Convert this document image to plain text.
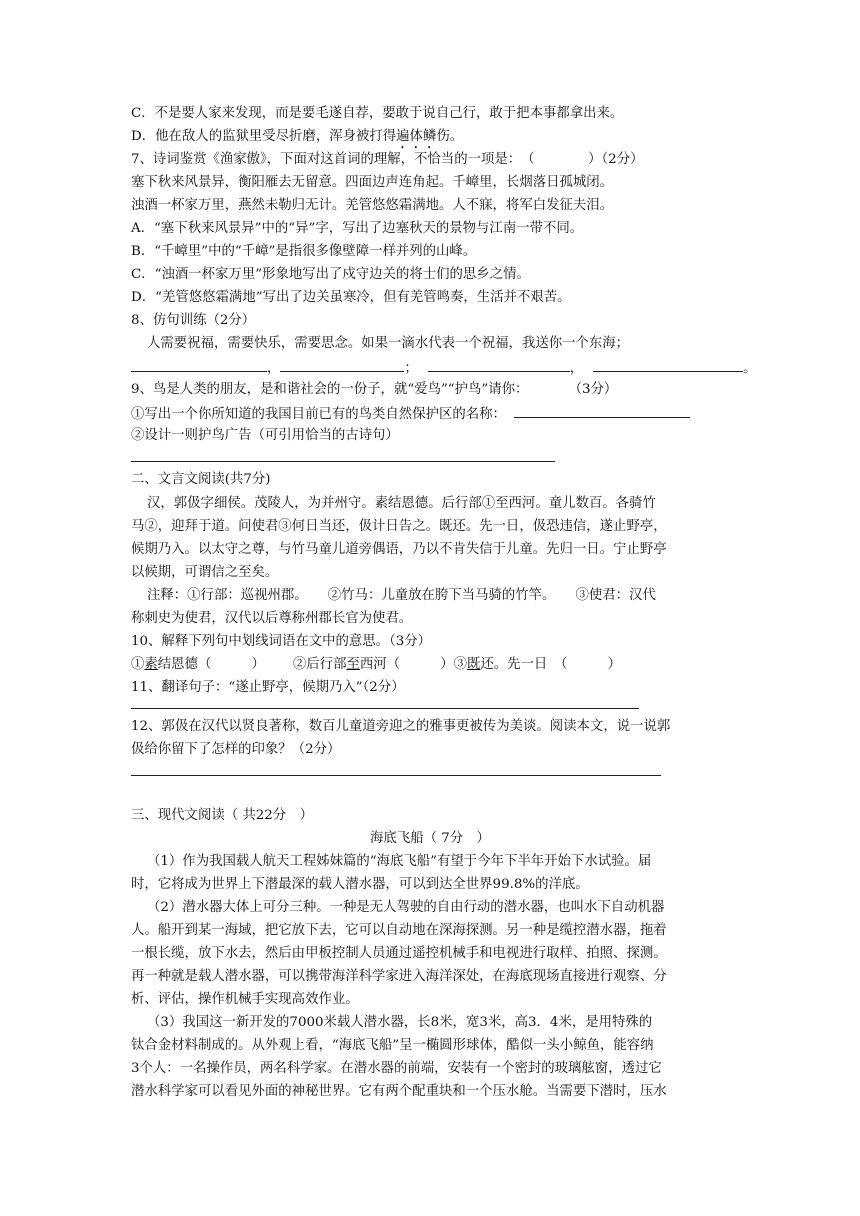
C．不是要人家来发现，而是要毛遂自荐，要敢于说自己行，敢于把本事都拿出来。

D．他在敌人的监狱里受尽折磨，浑身被打得遍体鳞伤。

7、诗词鉴赏《渔家傲》，下面对这首词的理解，不恰当的一项是：　（　　　　）（2分）

塞下秋来风景异，衡阳雁去无留意。四面边声连角起。千嶂里，长烟落日孤城闭。

浊酒一杯家万里，燕然未勒归无计。羌管悠悠霜满地。人不寐，将军白发征夫泪。

A．“塞下秋来风景异”中的“异”字，写出了边塞秋天的景物与江南一带不同。

B．“千嶂里”中的“千嶂”是指很多像壁障一样并列的山峰。

C．“浊酒一杯家万里”形象地写出了戍守边关的将士们的思乡之情。

D．“羌管悠悠霜满地”写出了边关虽寒冷，但有羌管鸣奏，生活并不艰苦。

8、仿句训练（2分）

人需要祝福，需要快乐，需要思念。如果一滴水代表一个祝福，我送你一个东海；

，	；	，	。

9、鸟是人类的朋友，是和谐社会的一份子，就“爱鸟”“护鸟”请你：　　　　（3分）

①写出一个你所知道的我国目前已有的鸟类自然保护区的名称：

②设计一则护鸟广告（可引用恰当的古诗句）

二、文言文阅读(共7分)

汉，郭伋字细侯。茂陵人，为并州守。素结恩德。后行部①至西河。童儿数百。各骑竹

马②，迎拜于道。问使君③何日当还，伋计日告之。既还。先一日，伋恐违信，遂止野亭，

候期乃入。以太守之尊，与竹马童儿道旁偶语，乃以不肯失信于儿童。先归一日。宁止野亭

以候期，可谓信之至矣。

注释：①行部：巡视州郡。　　②竹马：儿童放在胯下当马骑的竹竿。　　③使君：汉代

称刺史为使君，汉代以后尊称州郡长官为使君。

10、解释下列句中划线词语在文中的意思。（3分）

①素结恩德（　　　） ②后行部至西河（　　　）③既还。先一日　（　　　）

11、翻译句子：“遂止野亭，候期乃入”（2分）

12、郭伋在汉代以贤良著称，数百儿童道旁迎之的雅事更被传为美谈。阅读本文，说一说郭

伋给你留下了怎样的印象？（2分）

三、现代文阅读（ 共22分　）

海底飞船（ 7分　）

（1）作为我国载人航天工程姊妹篇的“海底飞船”有望于今年下半年开始下水试验。届

时，它将成为世界上下潜最深的载人潜水器，可以到达全世界99.8%的洋底。

（2）潜水器大体上可分三种。一种是无人驾驶的自由行动的潜水器，也叫水下自动机器

人。船开到某一海域，把它放下去，它可以自动地在深海探测。另一种是缆控潜水器，拖着

一根长缆，放下水去，然后由甲板控制人员通过遥控机械手和电视进行取样、拍照、探测。

再一种就是载人潜水器，可以携带海洋科学家进入海洋深处，在海底现场直接进行观察、分

析、评估，操作机械手实现高效作业。

（3）我国这一新开发的7000米载人潜水器，长8米，宽3米，高3．4米，是用特殊的

钛合金材料制成的。从外观上看，“海底飞船”呈一椭圆形球体，酷似一头小鲸鱼，能容纳

3个人：一名操作员，两名科学家。在潜水器的前端，安装有一个密封的玻璃舷窗，透过它

潜水科学家可以看见外面的神秘世界。它有两个配重块和一个压水舱。当需要下潜时，压水
